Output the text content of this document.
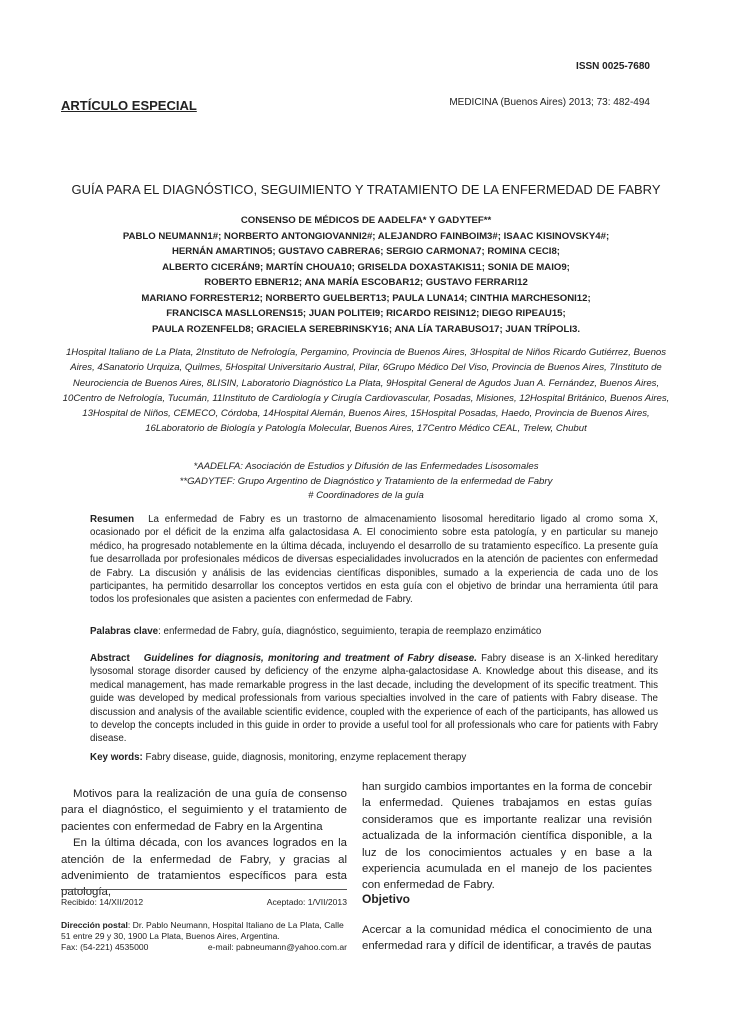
ISSN 0025-7680
ARTÍCULO ESPECIAL	MEDICINA (Buenos Aires) 2013; 73: 482-494
GUÍA PARA EL DIAGNÓSTICO, SEGUIMIENTO Y TRATAMIENTO DE LA ENFERMEDAD DE FABRY
CONSENSO DE MÉDICOS DE AADELFA* Y GADYTEF**
PABLO NEUMANN1#; NORBERTO ANTONGIOVANNI2#; ALEJANDRO FAINBOIM3#; ISAAC KISINOVSKY4#;
HERNÁN AMARTINO5; GUSTAVO CABRERA6; SERGIO CARMONA7; ROMINA CECI8;
ALBERTO CICERÁN9; MARTÍN CHOUA10; GRISELDA DOXASTAKIS11; SONIA DE MAIO9;
ROBERTO EBNER12; ANA MARÍA ESCOBAR12; GUSTAVO FERRARI12
MARIANO FORRESTER12; NORBERTO GUELBERT13; PAULA LUNA14; CINTHIA MARCHESONI12;
FRANCISCA MASLLORENS15; JUAN POLITEI9; RICARDO REISIN12; DIEGO RIPEAU15;
PAULA ROZENFELD8; GRACIELA SEREBRINSKY16; ANA LÍA TARABUSO17; JUAN TRÍPOLI3.
1Hospital Italiano de La Plata, 2Instituto de Nefrología, Pergamino, Provincia de Buenos Aires, 3Hospital de Niños Ricardo Gutiérrez, Buenos Aires, 4Sanatorio Urquiza, Quilmes, 5Hospital Universitario Austral, Pilar, 6Grupo Médico Del Viso, Provincia de Buenos Aires, 7Instituto de Neurociencia de Buenos Aires, 8LISIN, Laboratorio Diagnóstico La Plata, 9Hospital General de Agudos Juan A. Fernández, Buenos Aires, 10Centro de Nefrología, Tucumán, 11Instituto de Cardiología y Cirugía Cardiovascular, Posadas, Misiones, 12Hospital Británico, Buenos Aires, 13Hospital de Niños, CEMECO, Córdoba, 14Hospital Alemán, Buenos Aires, 15Hospital Posadas, Haedo, Provincia de Buenos Aires, 16Laboratorio de Biología y Patología Molecular, Buenos Aires, 17Centro Médico CEAL, Trelew, Chubut
*AADELFA: Asociación de Estudios y Difusión de las Enfermedades Lisosomales
**GADYTEF: Grupo Argentino de Diagnóstico y Tratamiento de la enfermedad de Fabry
# Coordinadores de la guía
Resumen La enfermedad de Fabry es un trastorno de almacenamiento lisosomal hereditario ligado al cromo soma X, ocasionado por el déficit de la enzima alfa galactosidasa A. El conocimiento sobre esta patología, y en particular su manejo médico, ha progresado notablemente en la última década, incluyendo el desarrollo de su tratamiento específico. La presente guía fue desarrollada por profesionales médicos de diversas especialidades involucrados en la atención de pacientes con enfermedad de Fabry. La discusión y análisis de las evidencias científicas disponibles, sumado a la experiencia de cada uno de los participantes, ha permitido desarrollar los conceptos vertidos en esta guía con el objetivo de brindar una herramienta útil para todos los profesionales que asisten a pacientes con enfermedad de Fabry.
Palabras clave: enfermedad de Fabry, guía, diagnóstico, seguimiento, terapia de reemplazo enzimático
Abstract Guidelines for diagnosis, monitoring and treatment of Fabry disease. Fabry disease is an X-linked hereditary lysosomal storage disorder caused by deficiency of the enzyme alpha-galactosidase A. Knowledge about this disease, and its medical management, has made remarkable progress in the last decade, including the development of its specific treatment. This guide was developed by medical professionals from various specialties involved in the care of patients with Fabry disease. The discussion and analysis of the available scientific evidence, coupled with the experience of each of the participants, has allowed us to develop the concepts included in this guide in order to provide a useful tool for all professionals who care for patients with Fabry disease.
Key words: Fabry disease, guide, diagnosis, monitoring, enzyme replacement therapy

Motivos para la realización de una guía de consenso para el diagnóstico, el seguimiento y el tratamiento de pacientes con enfermedad de Fabry en la Argentina

En la última década, con los avances logrados en la atención de la enfermedad de Fabry, y gracias al advenimiento de tratamientos específicos para esta patología,

han surgido cambios importantes en la forma de concebir la enfermedad. Quienes trabajamos en estas guías consideramos que es importante realizar una revisión actualizada de la información científica disponible, a la luz de los conocimientos actuales y en base a la experiencia acumulada en el manejo de los pacientes con enfermedad de Fabry.

Objetivo

Acercar a la comunidad médica el conocimiento de una enfermedad rara y difícil de identificar, a través de pautas

Recibido: 14/XII/2012	Aceptado: 1/VII/2013
Dirección postal: Dr. Pablo Neumann, Hospital Italiano de La Plata, Calle 51 entre 29 y 30, 1900 La Plata, Buenos Aires, Argentina.
Fax: (54-221) 4535000	e-mail: pabneumann@yahoo.com.ar
